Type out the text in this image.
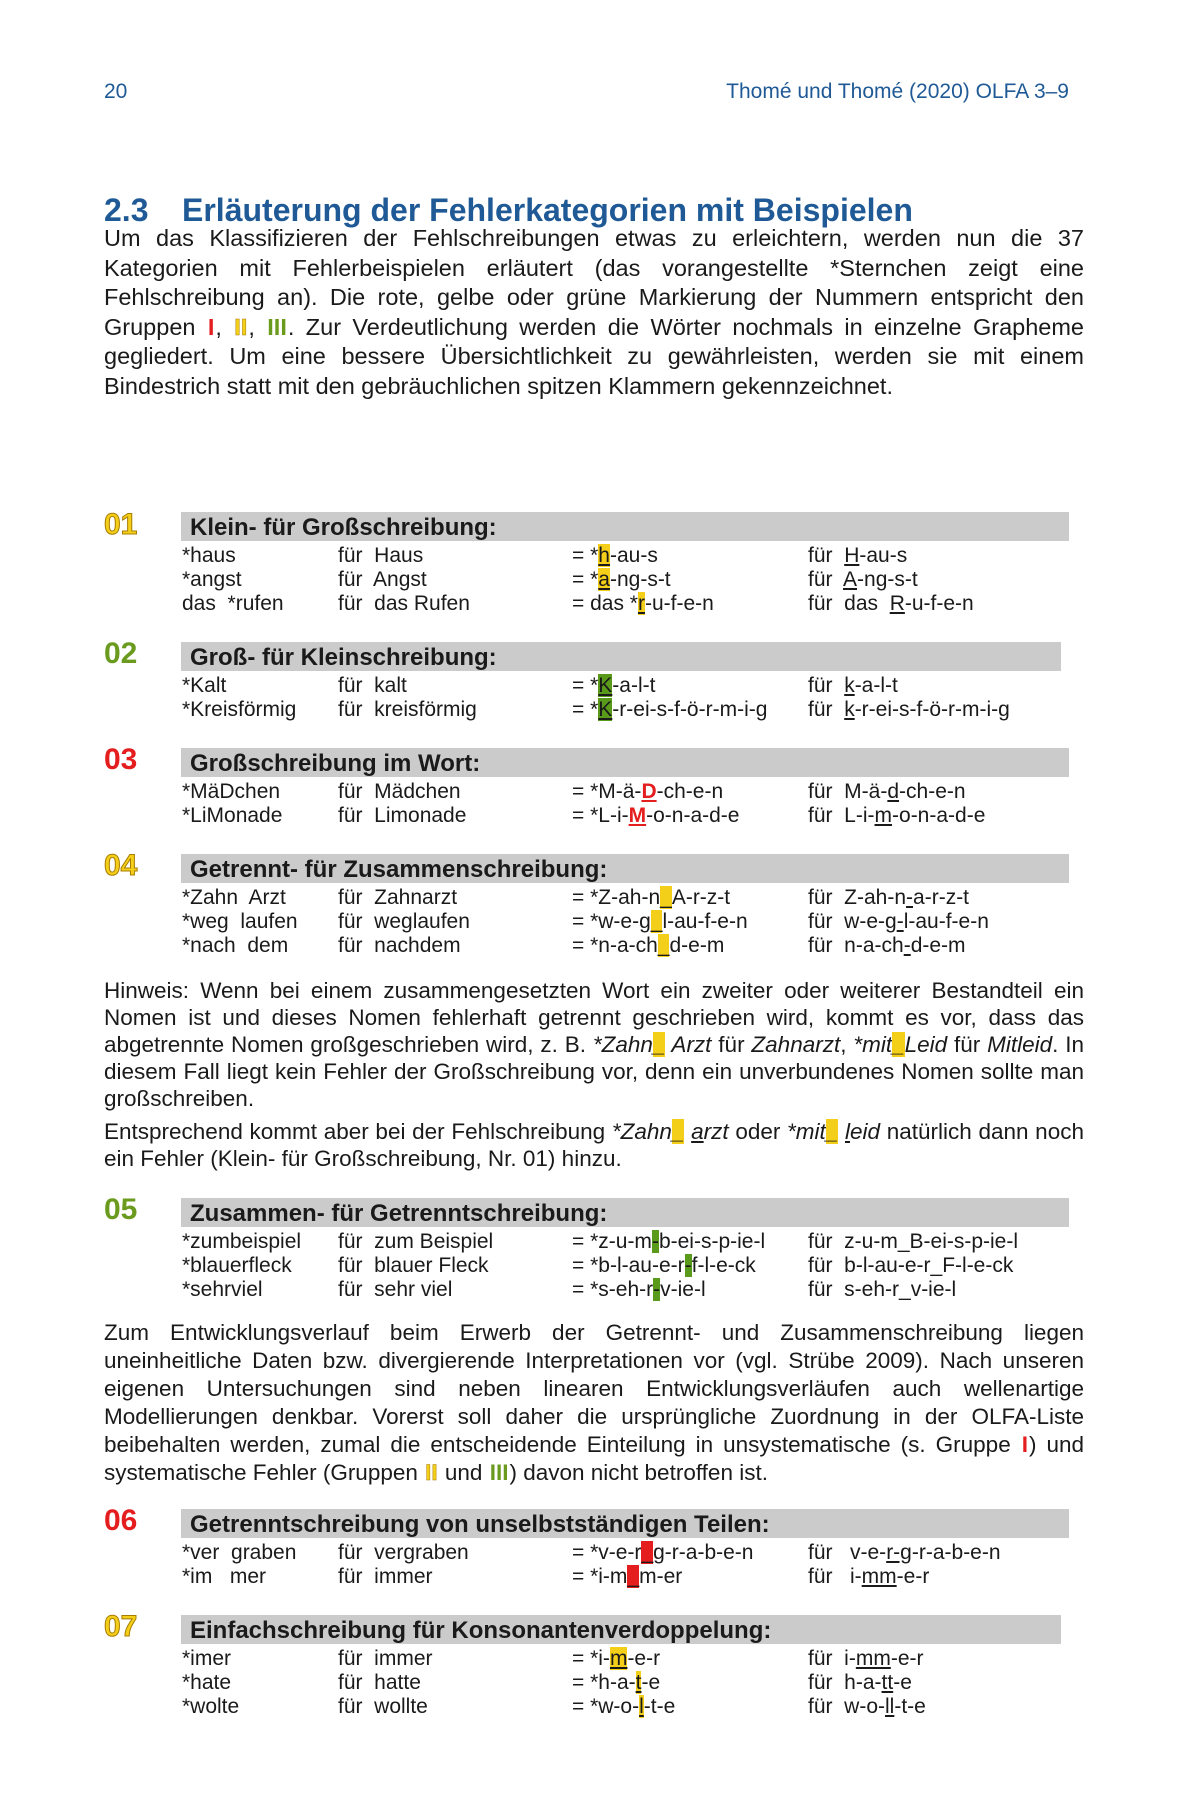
20	Thomé und Thomé (2020) OLFA 3–9
2.3 Erläuterung der Fehlerkategorien mit Beispielen
Um das Klassifizieren der Fehlschreibungen etwas zu erleichtern, werden nun die 37 Kategorien mit Fehlerbeispielen erläutert (das vorangestellte *Sternchen zeigt eine Fehlschreibung an). Die rote, gelbe oder grüne Markierung der Nummern entspricht den Gruppen I, II, III. Zur Verdeutlichung werden die Wörter nochmals in einzelne Grapheme gegliedert. Um eine bessere Übersichtlichkeit zu gewährleisten, werden sie mit einem Bindestrich statt mit den gebräuchlichen spitzen Klammern gekennzeichnet.
01	Klein- für Großschreibung:
*haus	für  Haus	= *h-au-s	für  H-au-s
*angst	für  Angst	= *a-ng-s-t	für  A-ng-s-t
das  *rufen	für  das Rufen	= das *r-u-f-e-n	für  das  R-u-f-e-n
02	Groß- für Kleinschreibung:
*Kalt	für  kalt	= *K-a-l-t	für  k-a-l-t
*Kreisförmig für  kreisförmig	= *K-r-ei-s-f-ö-r-m-i-g für  k-r-ei-s-f-ö-r-m-i-g
03	Großschreibung im Wort:
*MäDchen	für  Mädchen	= *M-ä-D-ch-e-n	für  M-ä-d-ch-e-n
*LiMonade	für  Limonade	= *L-i-M-o-n-a-d-e	für  L-i-m-o-n-a-d-e
04	Getrennt- für Zusammenschreibung:
*Zahn  Arzt für  Zahnarzt	= *Z-ah-n_A-r-z-t	für  Z-ah-n-a-r-z-t
*weg  laufen für  weglaufen	= *w-e-g_l-au-f-e-n	für  w-e-g-l-au-f-e-n
*nach  dem für  nachdem	= *n-a-ch_d-e-m	für  n-a-ch-d-e-m
Hinweis: Wenn bei einem zusammengesetzten Wort ein zweiter oder weiterer Bestandteil ein Nomen ist und dieses Nomen fehlerhaft getrennt geschrieben wird, kommt es vor, dass das abgetrennte Nomen großgeschrieben wird, z. B. *Zahn_ Arzt für Zahnarzt, *mit_Leid für Mitleid. In diesem Fall liegt kein Fehler der Großschreibung vor, denn ein unverbundenes Nomen sollte man großschreiben.
Entsprechend kommt aber bei der Fehlschreibung *Zahn_ arzt oder *mit_ leid natürlich dann noch ein Fehler (Klein- für Großschreibung, Nr. 01) hinzu.
05	Zusammen- für Getrenntschreibung:
*zumbeispiel für  zum Beispiel	= *z-u-m-b-ei-s-p-ie-l für  z-u-m_B-ei-s-p-ie-l
*blauerfleck für  blauer Fleck	= *b-l-au-e-r-f-l-e-ck für  b-l-au-e-r_F-l-e-ck
*sehrviel	für  sehr viel	= *s-eh-r-v-ie-l	für  s-eh-r_v-ie-l
Zum Entwicklungsverlauf beim Erwerb der Getrennt- und Zusammenschreibung liegen uneinheitliche Daten bzw. divergierende Interpretationen vor (vgl. Strübe 2009). Nach unseren eigenen Untersuchungen sind neben linearen Entwicklungsverläufen auch wellenartige Modellierungen denkbar. Vorerst soll daher die ursprüngliche Zuordnung in der OLFA-Liste beibehalten werden, zumal die entscheidende Einteilung in unsystematische (s. Gruppe I) und systematische Fehler (Gruppen II und III) davon nicht betroffen ist.
06	Getrenntschreibung von unselbstständigen Teilen:
*ver  graben für  vergraben	= *v-e-r_g-r-a-b-e-n	für   v-e-r-g-r-a-b-e-n
*im   mer	für  immer	= *i-m_m-er	für   i-mm-e-r
07	Einfachschreibung für Konsonantenverdoppelung:
*imer	für  immer	= *i-m-e-r	für  i-mm-e-r
*hate	für  hatte	= *h-a-t-e	für  h-a-tt-e
*wolte	für  wollte	= *w-o-l-t-e	für  w-o-ll-t-e
